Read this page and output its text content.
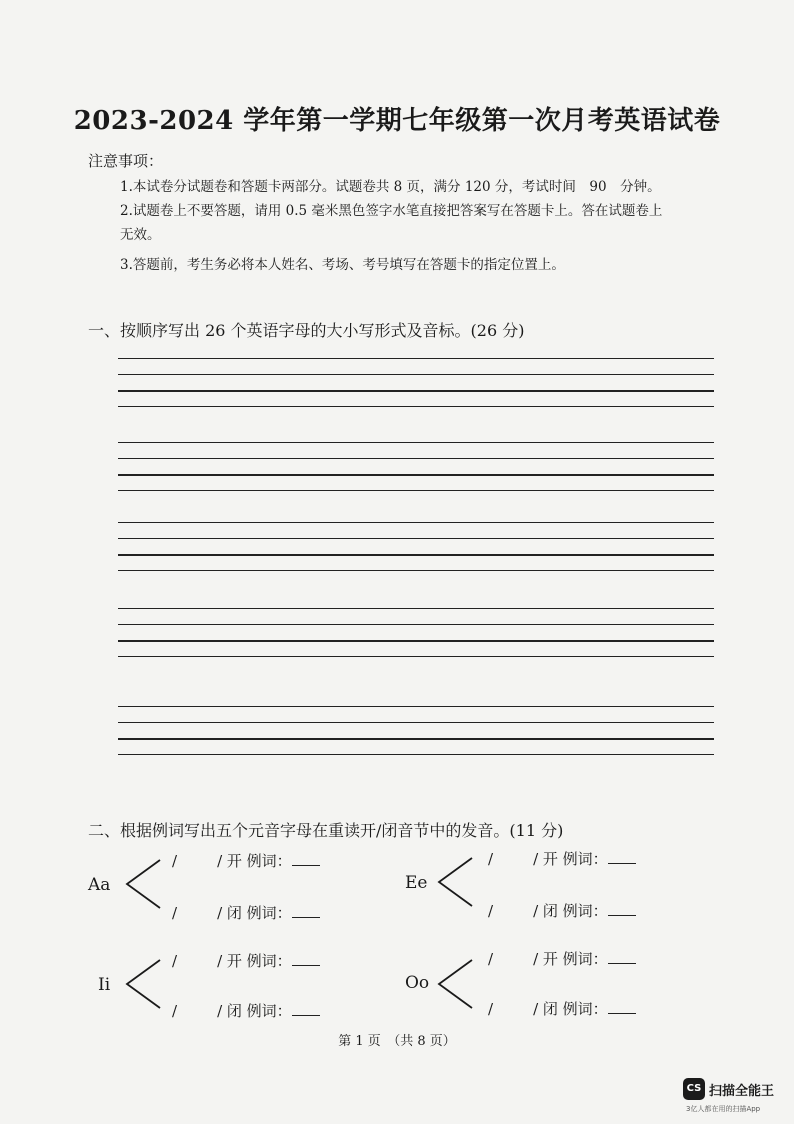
2023-2024 学年第一学期七年级第一次月考英语试卷
注意事项：
1.本试卷分试题卷和答题卡两部分。试题卷共 8 页，满分 120 分，考试时间　90　分钟。
2.试题卷上不要答题，请用 0.5 毫米黑色签字水笔直接把答案写在答题卡上。答在试题卷上
无效。
3.答题前，考生务必将本人姓名、考场、考号填写在答题卡的指定位置上。
一、按顺序写出 26 个英语字母的大小写形式及音标。(26 分)
二、根据例词写出五个元音字母在重读开/闭音节中的发音。(11 分)
Aa
/	/ 开 例词：
/	/ 闭 例词：
Ee
/	/ 开 例词：
/	/ 闭 例词：
Ii
/	/ 开 例词：
/	/ 闭 例词：
Oo
/	/ 开 例词：
/	/ 闭 例词：
第 1 页　（共 8 页）
CS 扫描全能王
3亿人都在用的扫描App
